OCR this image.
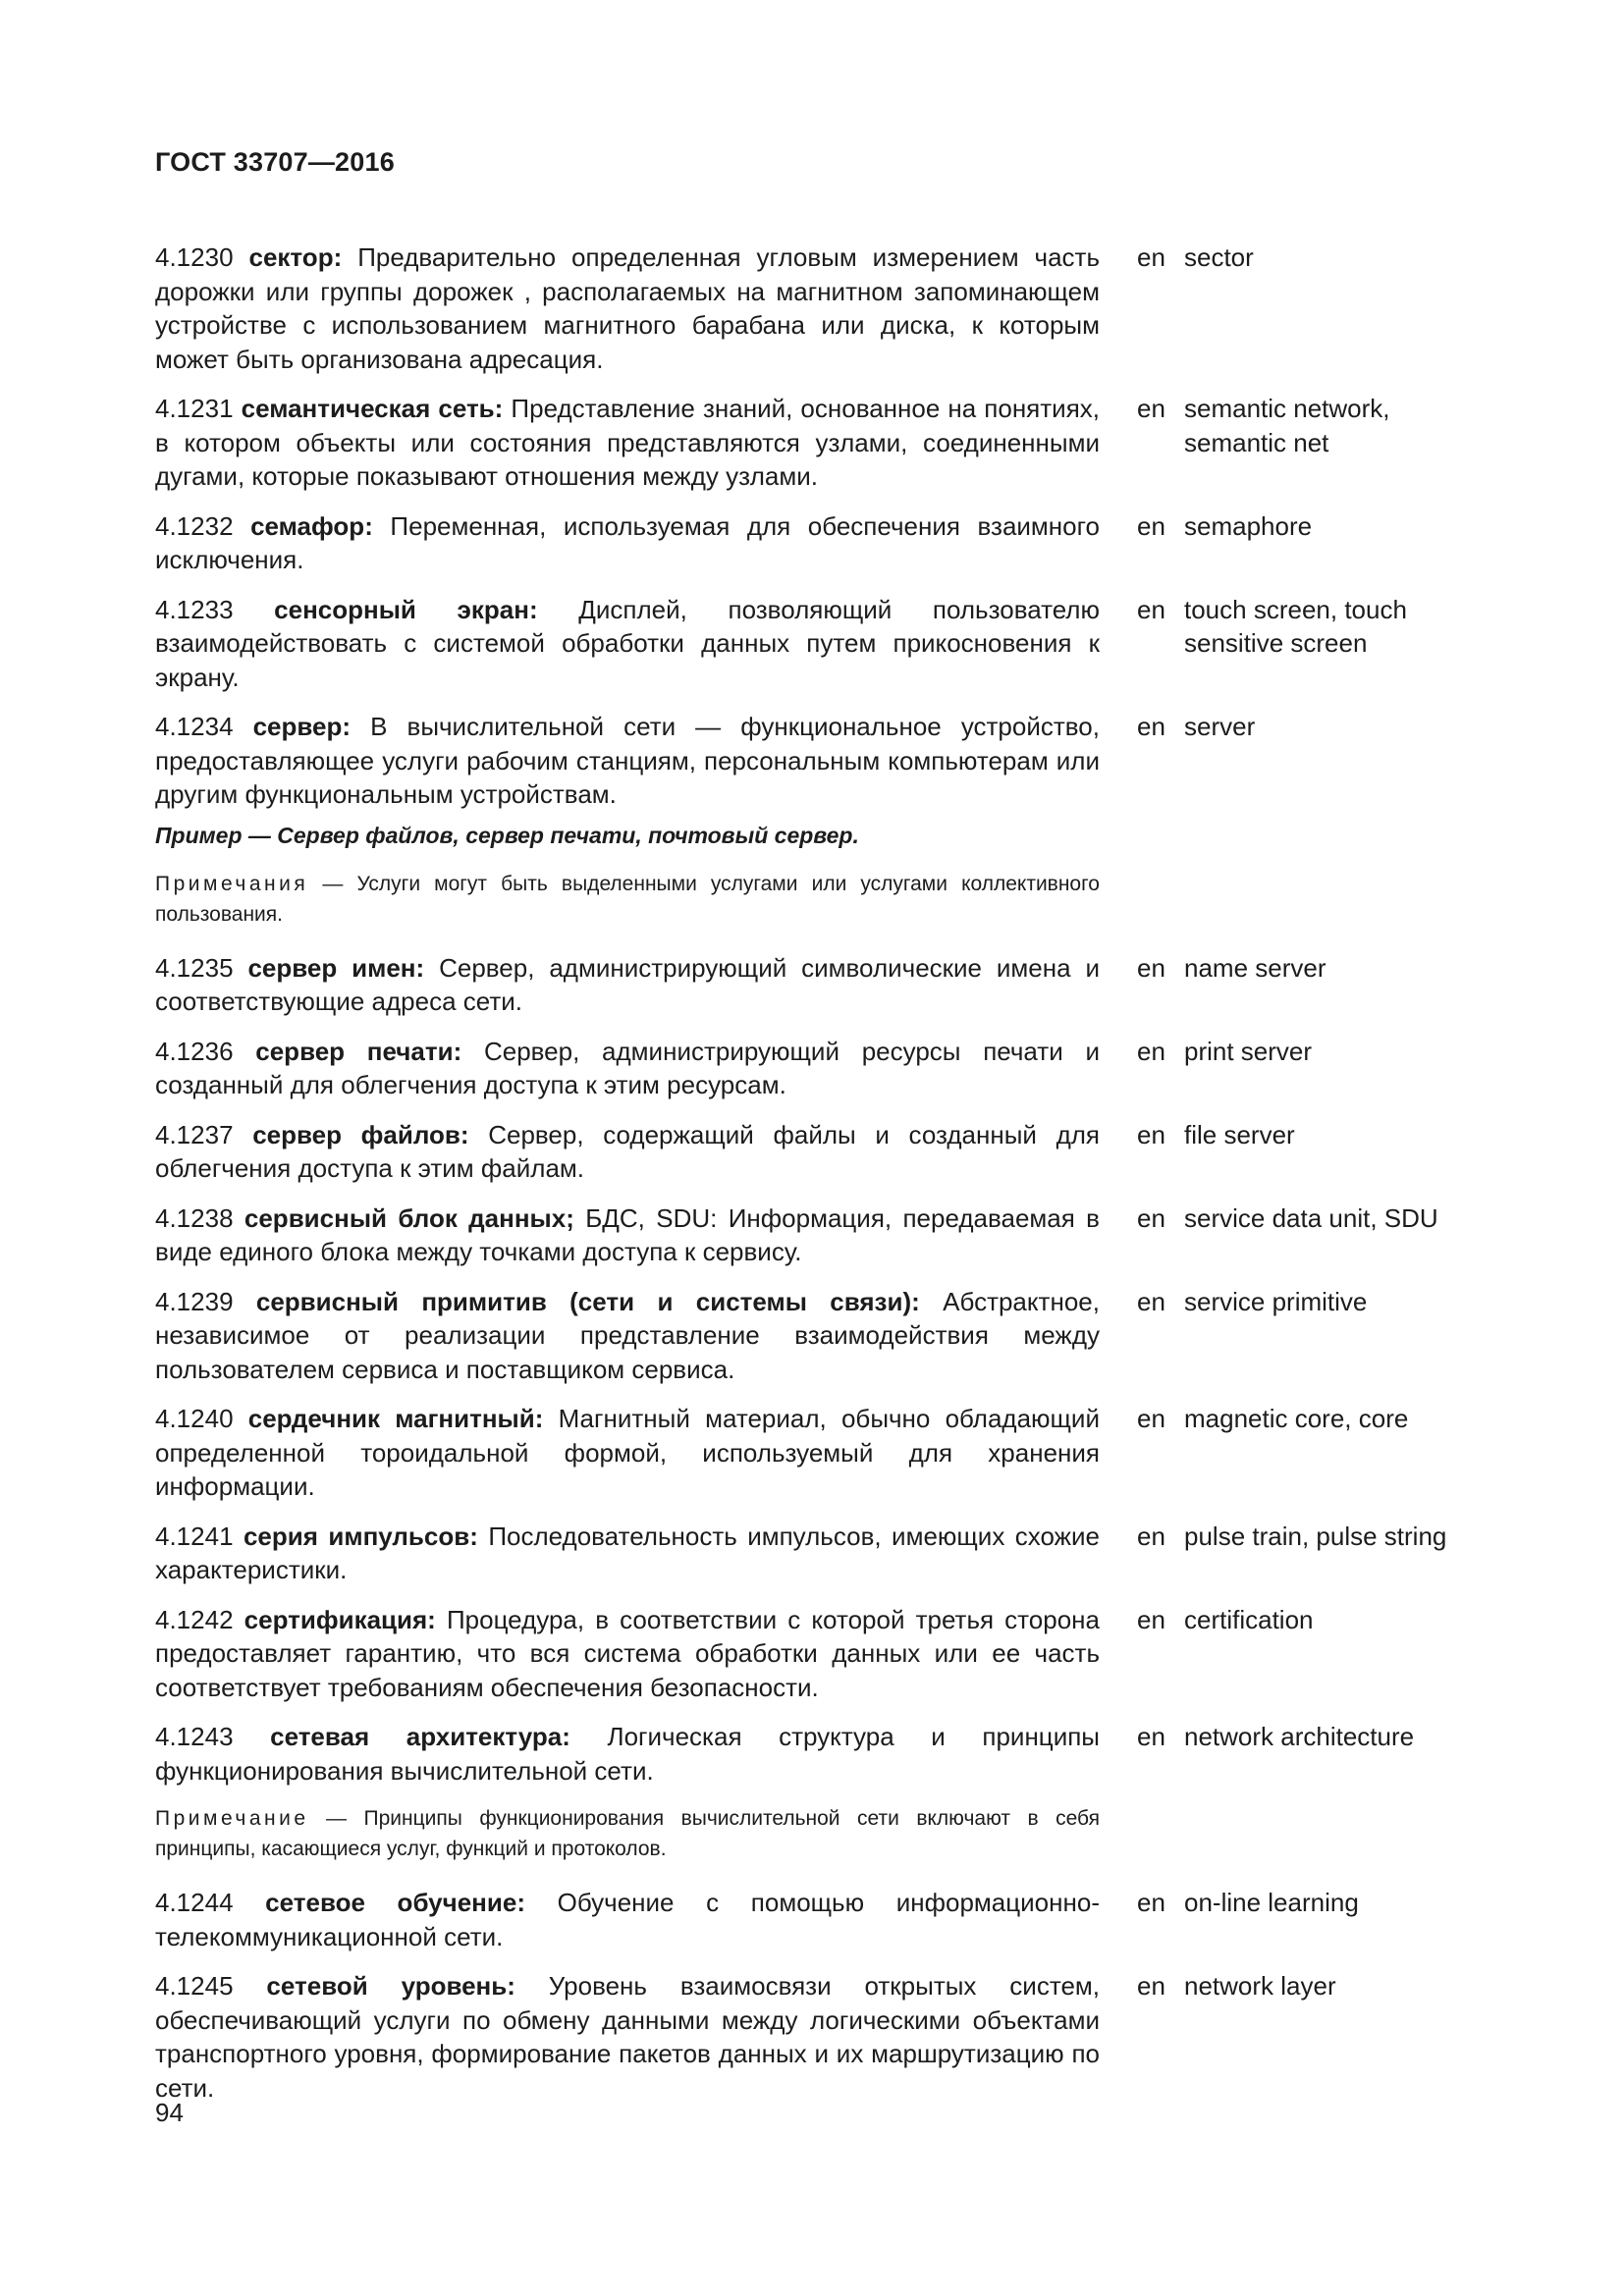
ГОСТ 33707—2016
4.1230 сектор: Предварительно определенная угловым измерением часть дорожки или группы дорожек , располагаемых на магнитном запоминающем устройстве с использованием магнитного барабана или диска, к которым может быть организована адресация.
en sector
4.1231 семантическая сеть: Представление знаний, основанное на понятиях, в котором объекты или состояния представляются узлами, соединенными дугами, которые показывают отношения между узлами.
en semantic network, semantic net
4.1232 семафор: Переменная, используемая для обеспечения взаимного исключения.
en semaphore
4.1233 сенсорный экран: Дисплей, позволяющий пользователю взаимодействовать с системой обработки данных путем прикосновения к экрану.
en touch screen, touch sensitive screen
4.1234 сервер: В вычислительной сети — функциональное устройство, предоставляющее услуги рабочим станциям, персональным компьютерам или другим функциональным устройствам.
en server
Пример — Сервер файлов, сервер печати, почтовый сервер.
Примечания — Услуги могут быть выделенными услугами или услугами коллективного пользования.
4.1235 сервер имен: Сервер, администрирующий символические имена и соответствующие адреса сети.
en name server
4.1236 сервер печати: Сервер, администрирующий ресурсы печати и созданный для облегчения доступа к этим ресурсам.
en print server
4.1237 сервер файлов: Сервер, содержащий файлы и созданный для облегчения доступа к этим файлам.
en file server
4.1238 сервисный блок данных; БДС, SDU: Информация, передаваемая в виде единого блока между точками доступа к сервису.
en service data unit, SDU
4.1239 сервисный примитив (сети и системы связи): Абстрактное, независимое от реализации представление взаимодействия между пользователем сервиса и поставщиком сервиса.
en service primitive
4.1240 сердечник магнитный: Магнитный материал, обычно обладающий определенной тороидальной формой, используемый для хранения информации.
en magnetic core, core
4.1241 серия импульсов: Последовательность импульсов, имеющих схожие характеристики.
en pulse train, pulse string
4.1242 сертификация: Процедура, в соответствии с которой третья сторона предоставляет гарантию, что вся система обработки данных или ее часть соответствует требованиям обеспечения безопасности.
en certification
4.1243 сетевая архитектура: Логическая структура и принципы функционирования вычислительной сети.
en network architecture
Примечание — Принципы функционирования вычислительной сети включают в себя принципы, касающиеся услуг, функций и протоколов.
4.1244 сетевое обучение: Обучение с помощью информационно-телекоммуникационной сети.
en on-line learning
4.1245 сетевой уровень: Уровень взаимосвязи открытых систем, обеспечивающий услуги по обмену данными между логическими объектами транспортного уровня, формирование пакетов данных и их маршрутизацию по сети.
en network layer
94
